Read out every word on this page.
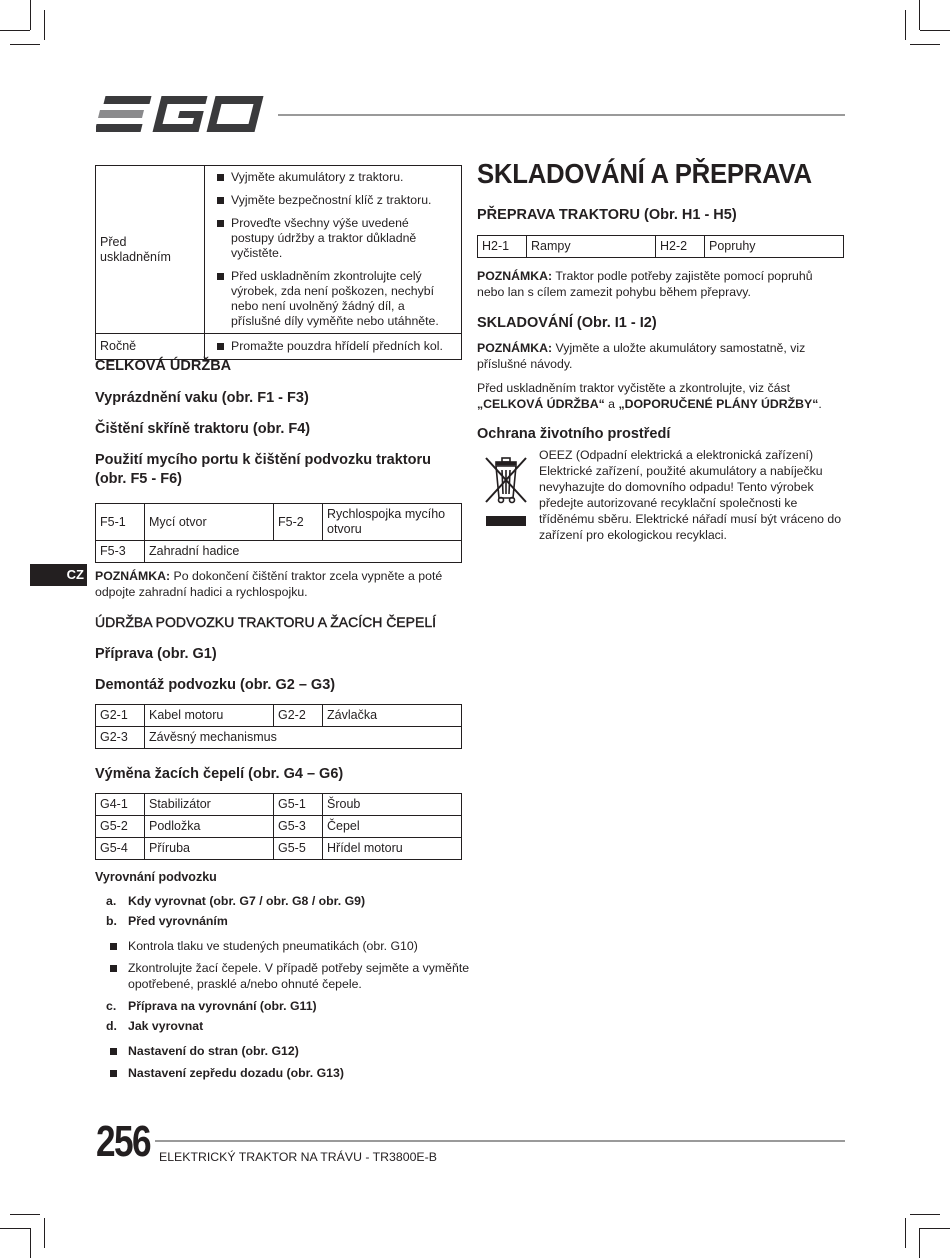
Před uskladněním	Vyjměte akumulátory z traktoru.
Vyjměte bezpečnostní klíč z traktoru.
Proveďte všechny výše uvedené postupy údržby a traktor důkladně vyčistěte.
Před uskladněním zkontrolujte celý výrobek, zda není poškozen, nechybí nebo není uvolněný žádný díl, a příslušné díly vyměňte nebo utáhněte.

Ročně	Promažte pouzdra hřídelí předních kol.
CELKOVÁ ÚDRŽBA
Vyprázdnění vaku (obr. F1 - F3)
Čištění skříně traktoru (obr. F4)
Použití mycího portu k čištění podvozku traktoru (obr. F5 - F6)
F5-1	Mycí otvor	F5-2	Rychlospojka mycího otvoru
F5-3	Zahradní hadice		
CZ POZNÁMKA: Po dokončení čištění traktor zcela vypněte a poté odpojte zahradní hadici a rychlospojku.
ÚDRŽBA PODVOZKU TRAKTORU A ŽACÍCH ČEPELÍ
Příprava (obr. G1)
Demontáž podvozku (obr. G2 – G3)
G2-1	Kabel motoru	G2-2	Závlačka
G2-3	Závěsný mechanismus		
Výměna žacích čepelí (obr. G4 – G6)
G4-1	Stabilizátor	G5-1	Šroub
G5-2	Podložka	G5-3	Čepel
G5-4	Příruba	G5-5	Hřídel motoru
Vyrovnání podvozku
a. Kdy vyrovnat (obr. G7 / obr. G8 / obr. G9)
b. Před vyrovnáním
Kontrola tlaku ve studených pneumatikách (obr. G10)
Zkontrolujte žací čepele. V případě potřeby sejměte a vyměňte opotřebené, prasklé a/nebo ohnuté čepele.
c. Příprava na vyrovnání (obr. G11)
d. Jak vyrovnat
Nastavení do stran (obr. G12)
Nastavení zepředu dozadu (obr. G13)
SKLADOVÁNÍ A PŘEPRAVA
PŘEPRAVA TRAKTORU (Obr. H1 - H5)
H2-1	Rampy	H2-2	Popruhy
POZNÁMKA: Traktor podle potřeby zajistěte pomocí popruhů nebo lan s cílem zamezit pohybu během přepravy.
SKLADOVÁNÍ (Obr. I1 - I2)
POZNÁMKA: Vyjměte a uložte akumulátory samostatně, viz příslušné návody.
Před uskladněním traktor vyčistěte a zkontrolujte, viz část „CELKOVÁ ÚDRŽBA“ a „DOPORUČENÉ PLÁNY ÚDRŽBY“.
Ochrana životního prostředí
OEEZ (Odpadní elektrická a elektronická zařízení) Elektrické zařízení, použité akumulátory a nabíječku nevyhazujte do domovního odpadu! Tento výrobek předejte autorizované recyklační společnosti ke tříděnému sběru. Elektrické nářadí musí být vráceno do zařízení pro ekologickou recyklaci.
256 ELEKTRICKÝ TRAKTOR NA TRÁVU - TR3800E-B
